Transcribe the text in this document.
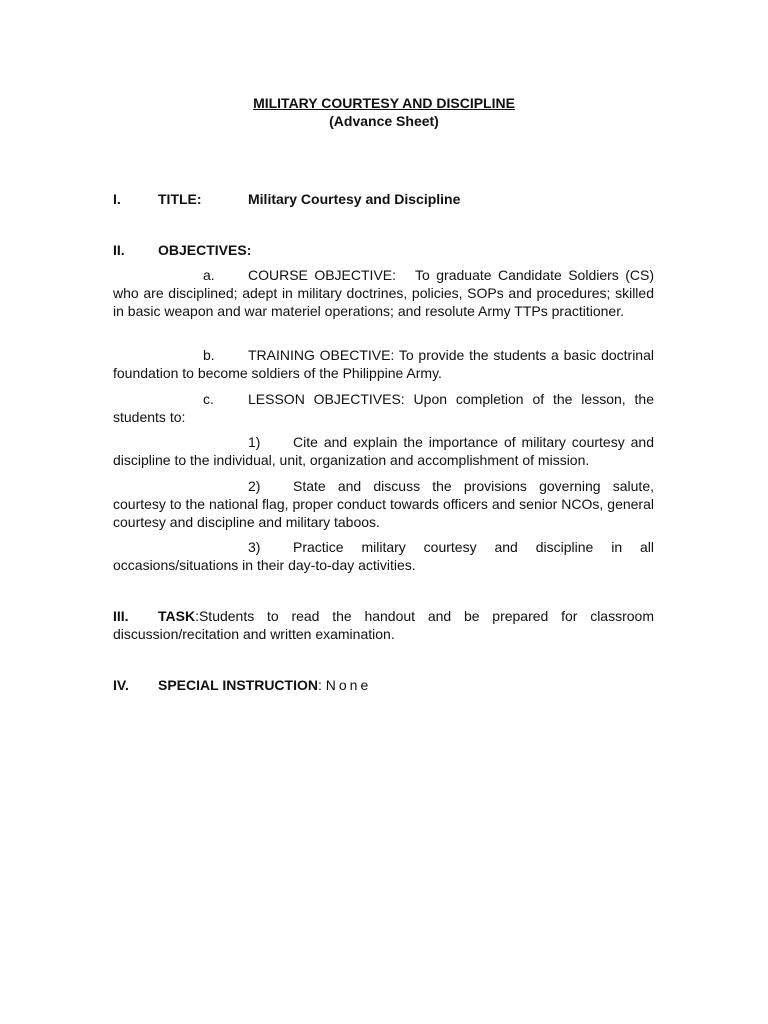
MILITARY COURTESY AND DISCIPLINE
(Advance Sheet)
I.	TITLE:	Military Courtesy and Discipline
II. OBJECTIVES:

a. COURSE OBJECTIVE:   To graduate Candidate Soldiers (CS) who are disciplined; adept in military doctrines, policies, SOPs and procedures; skilled in basic weapon and war materiel operations; and resolute Army TTPs practitioner.

b. TRAINING OBECTIVE: To provide the students a basic doctrinal foundation to become soldiers of the Philippine Army.

c. LESSON OBJECTIVES: Upon completion of the lesson, the students to:

1) Cite and explain the importance of military courtesy and discipline to the individual, unit, organization and accomplishment of mission.

2) State and discuss the provisions governing salute, courtesy to the national flag, proper conduct towards officers and senior NCOs, general courtesy and discipline and military taboos.

3) Practice military courtesy and discipline in all occasions/situations in their day-to-day activities.

III. TASK:Students to read the handout and be prepared for classroom discussion/recitation and written examination.
IV. SPECIAL INSTRUCTION: None
